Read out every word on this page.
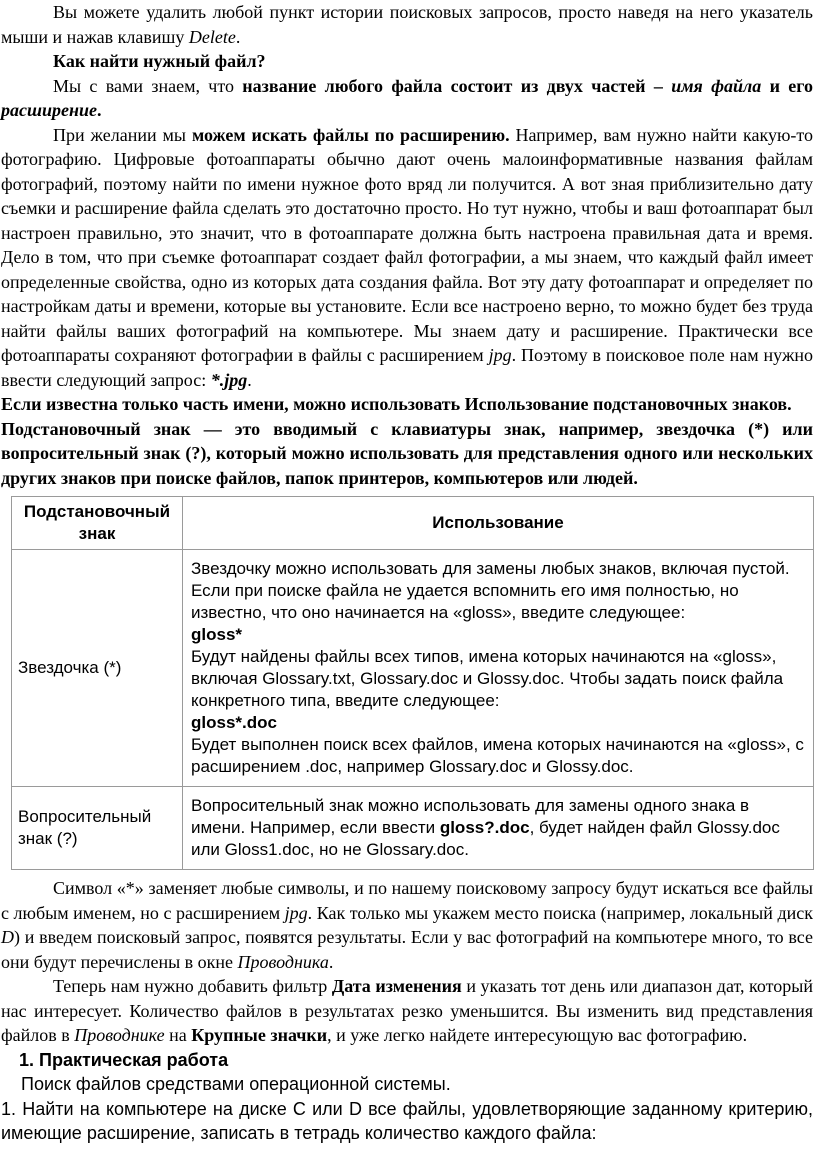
Вы можете удалить любой пункт истории поисковых запросов, просто наведя на него указатель мыши и нажав клавишу Delete.

Как найти нужный файл?

Мы с вами знаем, что название любого файла состоит из двух частей – имя файла и его расширение.

При желании мы можем искать файлы по расширению. Например, вам нужно найти какую-то фотографию. Цифровые фотоаппараты обычно дают очень малоинформативные названия файлам фотографий, поэтому найти по имени нужное фото вряд ли получится. А вот зная приблизительно дату съемки и расширение файла сделать это достаточно просто. Но тут нужно, чтобы и ваш фотоаппарат был настроен правильно, это значит, что в фотоаппарате должна быть настроена правильная дата и время. Дело в том, что при съемке фотоаппарат создает файл фотографии, а мы знаем, что каждый файл имеет определенные свойства, одно из которых дата создания файла. Вот эту дату фотоаппарат и определяет по настройкам даты и времени, которые вы установите. Если все настроено верно, то можно будет без труда найти файлы ваших фотографий на компьютере. Мы знаем дату и расширение. Практически все фотоаппараты сохраняют фотографии в файлы с расширением jpg. Поэтому в поисковое поле нам нужно ввести следующий запрос: *.jpg.

Если известна только часть имени, можно использовать Использование подстановочных знаков.

Подстановочный знак — это вводимый с клавиатуры знак, например, звездочка (*) или вопросительный знак (?), который можно использовать для представления одного или нескольких других знаков при поиске файлов, папок принтеров, компьютеров или людей.

Подстановочный знак	Использование
Звездочка (*)	Звездочку можно использовать для замены любых знаков, включая пустой. Если при поиске файла не удается вспомнить его имя полностью, но известно, что оно начинается на «gloss», введите следующее:
gloss*
Будут найдены файлы всех типов, имена которых начинаются на «gloss», включая Glossary.txt, Glossary.doc и Glossy.doc. Чтобы задать поиск файла конкретного типа, введите следующее:
gloss*.doc
Будет выполнен поиск всех файлов, имена которых начинаются на «gloss», с расширением .doc, например Glossary.doc и Glossy.doc.

Вопросительный знак (?)	Вопросительный знак можно использовать для замены одного знака в имени. Например, если ввести gloss?.doc, будет найден файл Glossy.doc или Gloss1.doc, но не Glossary.doc.

Символ «*» заменяет любые символы, и по нашему поисковому запросу будут искаться все файлы с любым именем, но с расширением jpg. Как только мы укажем место поиска (например, локальный диск D) и введем поисковый запрос, появятся результаты. Если у вас фотографий на компьютере много, то все они будут перечислены в окне Проводника.

Теперь нам нужно добавить фильтр Дата изменения и указать тот день или диапазон дат, который нас интересует. Количество файлов в результатах резко уменьшится. Вы изменить вид представления файлов в Проводнике на Крупные значки, и уже легко найдете интересующую вас фотографию.

1. Практическая работа

Поиск файлов средствами операционной системы.

1. Найти на компьютере на диске C или D все файлы, удовлетворяющие заданному критерию, имеющие расширение, записать в тетрадь количество каждого файла:
